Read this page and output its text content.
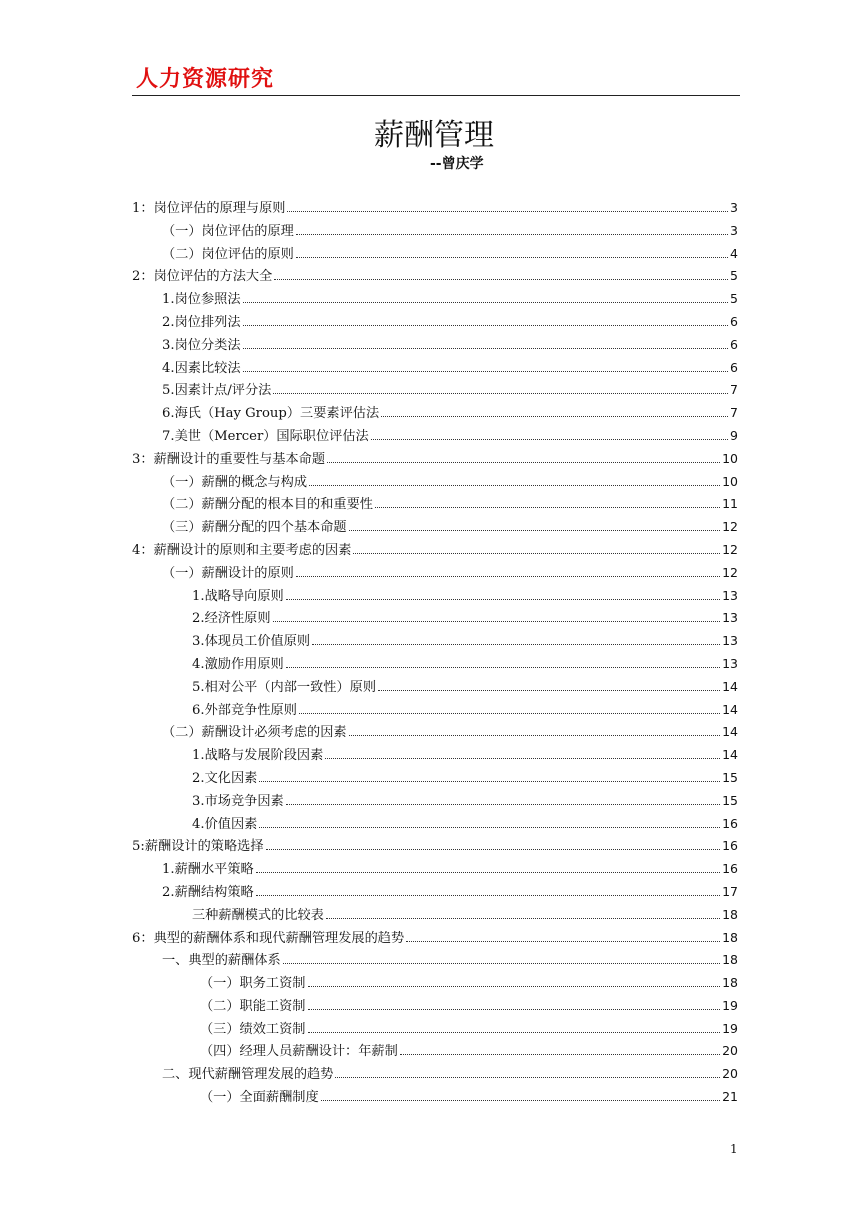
人力资源研究
薪酬管理
--曾庆学
1：岗位评估的原理与原则	3
（一）岗位评估的原理	3
（二）岗位评估的原则	4
2：岗位评估的方法大全	5
1.岗位参照法	5
2.岗位排列法	6
3.岗位分类法	6
4.因素比较法	6
5.因素计点/评分法	7
6.海氏（Hay Group）三要素评估法	7
7.美世（Mercer）国际职位评估法	9
3：薪酬设计的重要性与基本命题	10
（一）薪酬的概念与构成	10
（二）薪酬分配的根本目的和重要性	11
（三）薪酬分配的四个基本命题	12
4：薪酬设计的原则和主要考虑的因素	12
（一）薪酬设计的原则	12
1.战略导向原则	13
2.经济性原则	13
3.体现员工价值原则	13
4.激励作用原则	13
5.相对公平（内部一致性）原则	14
6.外部竞争性原则	14
（二）薪酬设计必须考虑的因素	14
1.战略与发展阶段因素	14
2.文化因素	15
3.市场竞争因素	15
4.价值因素	16
5:薪酬设计的策略选择	16
1.薪酬水平策略	16
2.薪酬结构策略	17
三种薪酬模式的比较表	18
6：典型的薪酬体系和现代薪酬管理发展的趋势	18
一、典型的薪酬体系	18
（一）职务工资制	18
（二）职能工资制	19
（三）绩效工资制	19
（四）经理人员薪酬设计：年薪制	20
二、现代薪酬管理发展的趋势	20
（一）全面薪酬制度	21
1
